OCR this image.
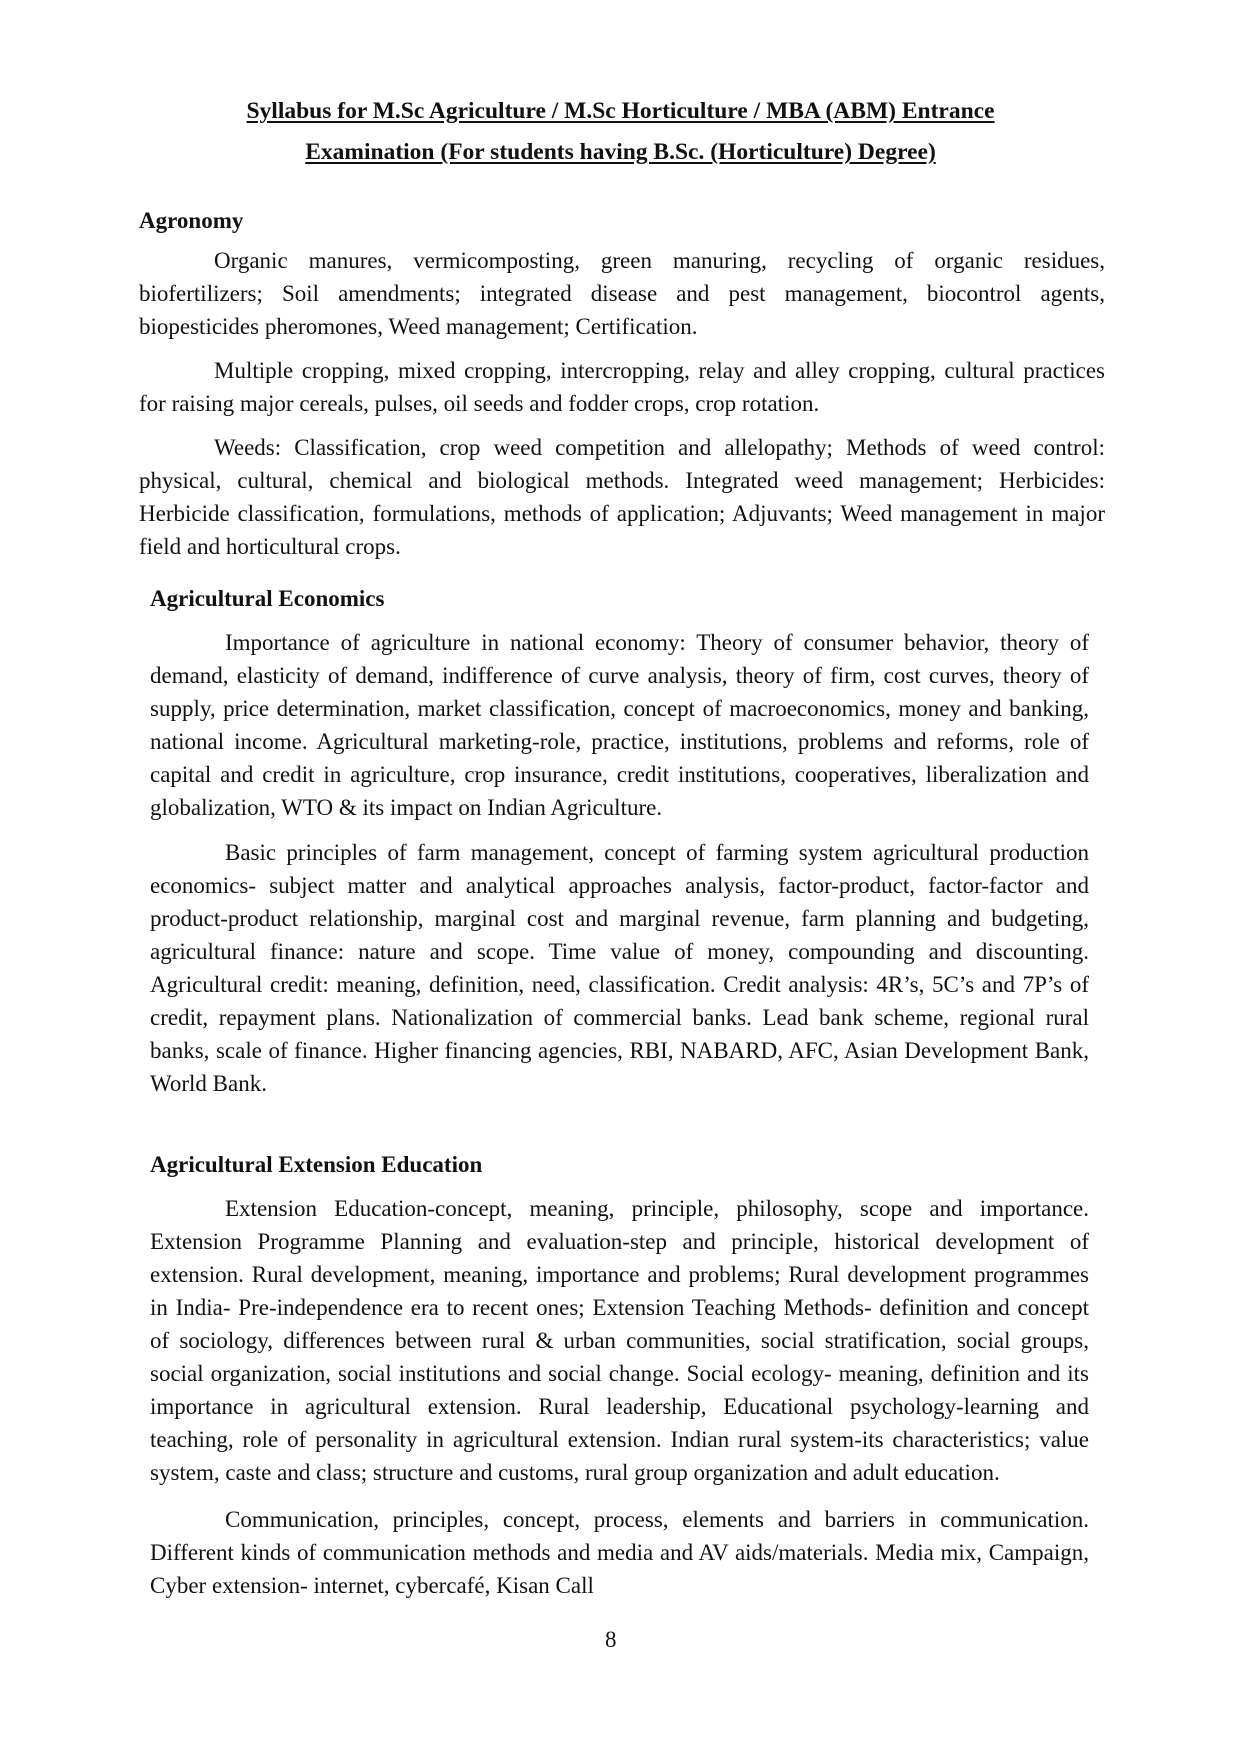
Syllabus for M.Sc Agriculture / M.Sc Horticulture / MBA (ABM) Entrance
Examination (For students having B.Sc. (Horticulture) Degree)

Agronomy

Organic manures, vermicomposting, green manuring, recycling of organic residues, biofertilizers; Soil amendments; integrated disease and pest management, biocontrol agents, biopesticides pheromones, Weed management; Certification.

Multiple cropping, mixed cropping, intercropping, relay and alley cropping, cultural practices for raising major cereals, pulses, oil seeds and fodder crops, crop rotation.

Weeds: Classification, crop weed competition and allelopathy; Methods of weed control: physical, cultural, chemical and biological methods. Integrated weed management; Herbicides: Herbicide classification, formulations, methods of application; Adjuvants; Weed management in major field and horticultural crops.

Agricultural Economics

Importance of agriculture in national economy: Theory of consumer behavior, theory of demand, elasticity of demand, indifference of curve analysis, theory of firm, cost curves, theory of supply, price determination, market classification, concept of macroeconomics, money and banking, national income. Agricultural marketing-role, practice, institutions, problems and reforms, role of capital and credit in agriculture, crop insurance, credit institutions, cooperatives, liberalization and globalization, WTO & its impact on Indian Agriculture.

Basic principles of farm management, concept of farming system agricultural production economics- subject matter and analytical approaches analysis, factor-product, factor-factor and product-product relationship, marginal cost and marginal revenue, farm planning and budgeting, agricultural finance: nature and scope. Time value of money, compounding and discounting. Agricultural credit: meaning, definition, need, classification. Credit analysis: 4R’s, 5C’s and 7P’s of credit, repayment plans. Nationalization of commercial banks. Lead bank scheme, regional rural banks, scale of finance. Higher financing agencies, RBI, NABARD, AFC, Asian Development Bank, World Bank.

Agricultural Extension Education

Extension Education-concept, meaning, principle, philosophy, scope and importance. Extension Programme Planning and evaluation-step and principle, historical development of extension. Rural development, meaning, importance and problems; Rural development programmes in India- Pre-independence era to recent ones; Extension Teaching Methods- definition and concept of sociology, differences between rural & urban communities, social stratification, social groups, social organization, social institutions and social change. Social ecology- meaning, definition and its importance in agricultural extension. Rural leadership, Educational psychology-learning and teaching, role of personality in agricultural extension. Indian rural system-its characteristics; value system, caste and class; structure and customs, rural group organization and adult education.

Communication, principles, concept, process, elements and barriers in communication. Different kinds of communication methods and media and AV aids/materials. Media mix, Campaign, Cyber extension- internet, cybercafé, Kisan Call

8
